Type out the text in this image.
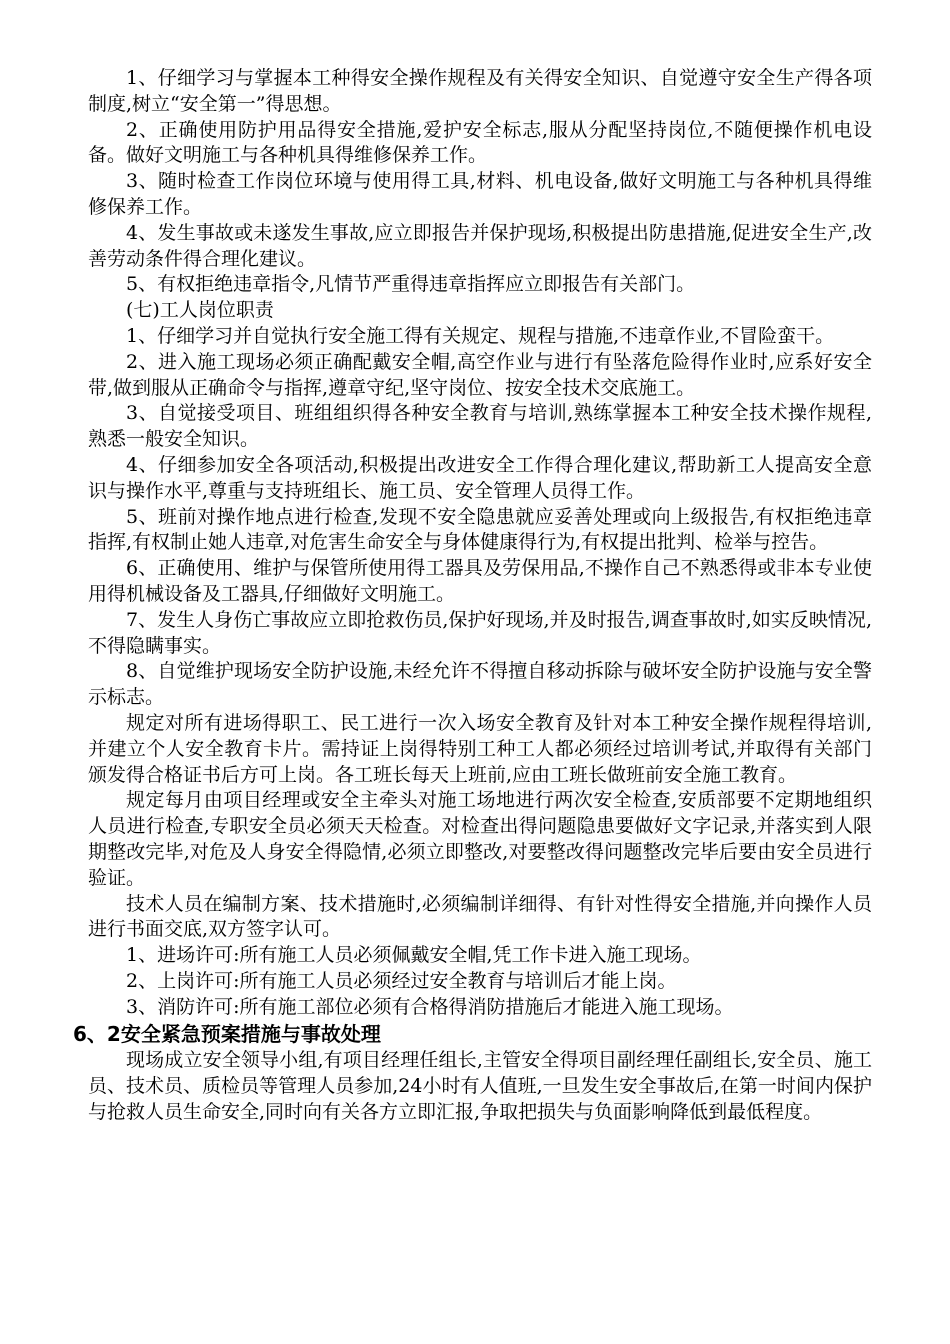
1、仔细学习与掌握本工种得安全操作规程及有关得安全知识、自觉遵守安全生产得各项制度,树立“安全第一”得思想。

2、正确使用防护用品得安全措施,爱护安全标志,服从分配坚持岗位,不随便操作机电设备。做好文明施工与各种机具得维修保养工作。

3、随时检查工作岗位环境与使用得工具,材料、机电设备,做好文明施工与各种机具得维修保养工作。

4、发生事故或未遂发生事故,应立即报告并保护现场,积极提出防患措施,促进安全生产,改善劳动条件得合理化建议。

5、有权拒绝违章指令,凡情节严重得违章指挥应立即报告有关部门。

(七)工人岗位职责

1、仔细学习并自觉执行安全施工得有关规定、规程与措施,不违章作业,不冒险蛮干。

2、进入施工现场必须正确配戴安全帽,高空作业与进行有坠落危险得作业时,应系好安全带,做到服从正确命令与指挥,遵章守纪,坚守岗位、按安全技术交底施工。

3、自觉接受项目、班组组织得各种安全教育与培训,熟练掌握本工种安全技术操作规程,熟悉一般安全知识。

4、仔细参加安全各项活动,积极提出改进安全工作得合理化建议,帮助新工人提高安全意识与操作水平,尊重与支持班组长、施工员、安全管理人员得工作。

5、班前对操作地点进行检查,发现不安全隐患就应妥善处理或向上级报告,有权拒绝违章指挥,有权制止她人违章,对危害生命安全与身体健康得行为,有权提出批判、检举与控告。

6、正确使用、维护与保管所使用得工器具及劳保用品,不操作自己不熟悉得或非本专业使用得机械设备及工器具,仔细做好文明施工。

7、发生人身伤亡事故应立即抢救伤员,保护好现场,并及时报告,调查事故时,如实反映情况,不得隐瞒事实。

8、自觉维护现场安全防护设施,未经允许不得擅自移动拆除与破坏安全防护设施与安全警示标志。

规定对所有进场得职工、民工进行一次入场安全教育及针对本工种安全操作规程得培训,并建立个人安全教育卡片。需持证上岗得特别工种工人都必须经过培训考试,并取得有关部门颁发得合格证书后方可上岗。各工班长每天上班前,应由工班长做班前安全施工教育。

规定每月由项目经理或安全主牵头对施工场地进行两次安全检查,安质部要不定期地组织人员进行检查,专职安全员必须天天检查。对检查出得问题隐患要做好文字记录,并落实到人限期整改完毕,对危及人身安全得隐情,必须立即整改,对要整改得问题整改完毕后要由安全员进行验证。

技术人员在编制方案、技术措施时,必须编制详细得、有针对性得安全措施,并向操作人员进行书面交底,双方签字认可。

1、进场许可:所有施工人员必须佩戴安全帽,凭工作卡进入施工现场。

2、上岗许可:所有施工人员必须经过安全教育与培训后才能上岗。

3、消防许可:所有施工部位必须有合格得消防措施后才能进入施工现场。

6、2安全紧急预案措施与事故处理

现场成立安全领导小组,有项目经理任组长,主管安全得项目副经理任副组长,安全员、施工员、技术员、质检员等管理人员参加,24小时有人值班,一旦发生安全事故后,在第一时间内保护与抢救人员生命安全,同时向有关各方立即汇报,争取把损失与负面影响降低到最低程度。
